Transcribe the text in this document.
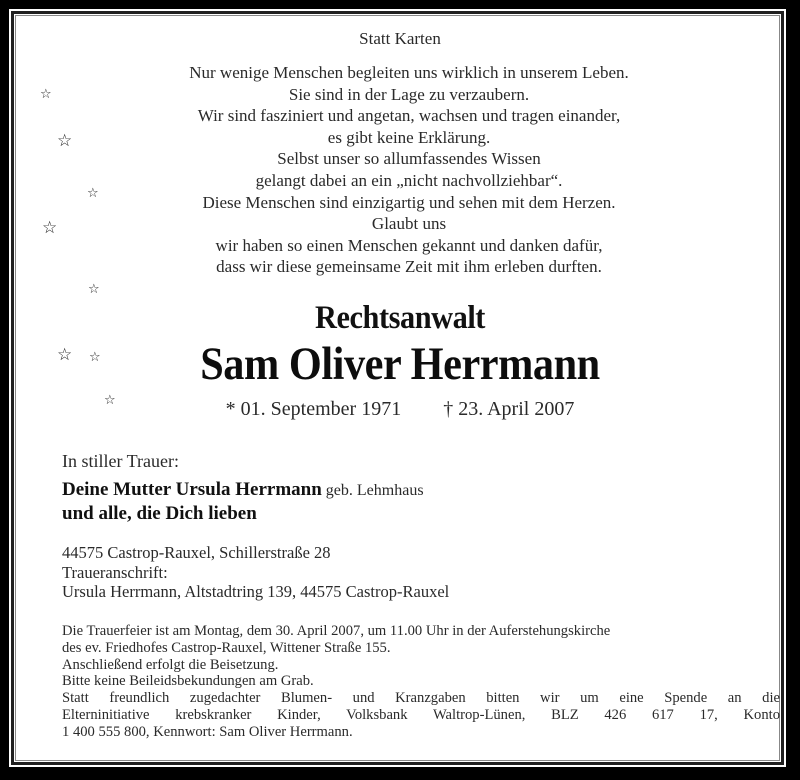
Statt Karten
Nur wenige Menschen begleiten uns wirklich in unserem Leben.
Sie sind in der Lage zu verzaubern.
Wir sind fasziniert und angetan, wachsen und tragen einander,
es gibt keine Erklärung.
Selbst unser so allumfassendes Wissen
gelangt dabei an ein „nicht nachvollziehbar“.
Diese Menschen sind einzigartig und sehen mit dem Herzen.
Glaubt uns
wir haben so einen Menschen gekannt und danken dafür,
dass wir diese gemeinsame Zeit mit ihm erleben durften.
Rechtsanwalt
Sam Oliver Herrmann
* 01. September 1971 † 23. April 2007
In stiller Trauer:
Deine Mutter Ursula Herrmann geb. Lehmhaus
und alle, die Dich lieben
44575 Castrop-Rauxel, Schillerstraße 28
Traueranschrift:
Ursula Herrmann, Altstadtring 139, 44575 Castrop-Rauxel
Die Trauerfeier ist am Montag, dem 30. April 2007, um 11.00 Uhr in der Auferstehungskirche
des ev. Friedhofes Castrop-Rauxel, Wittener Straße 155.
Anschließend erfolgt die Beisetzung.
Bitte keine Beileidsbekundungen am Grab.
Statt freundlich zugedachter Blumen- und Kranzgaben bitten wir um eine Spende an die
Elterninitiative krebskranker Kinder, Volksbank Waltrop-Lünen, BLZ 426 617 17, Konto
1 400 555 800, Kennwort: Sam Oliver Herrmann.
☆
☆
☆
☆
☆
☆ ☆
☆
